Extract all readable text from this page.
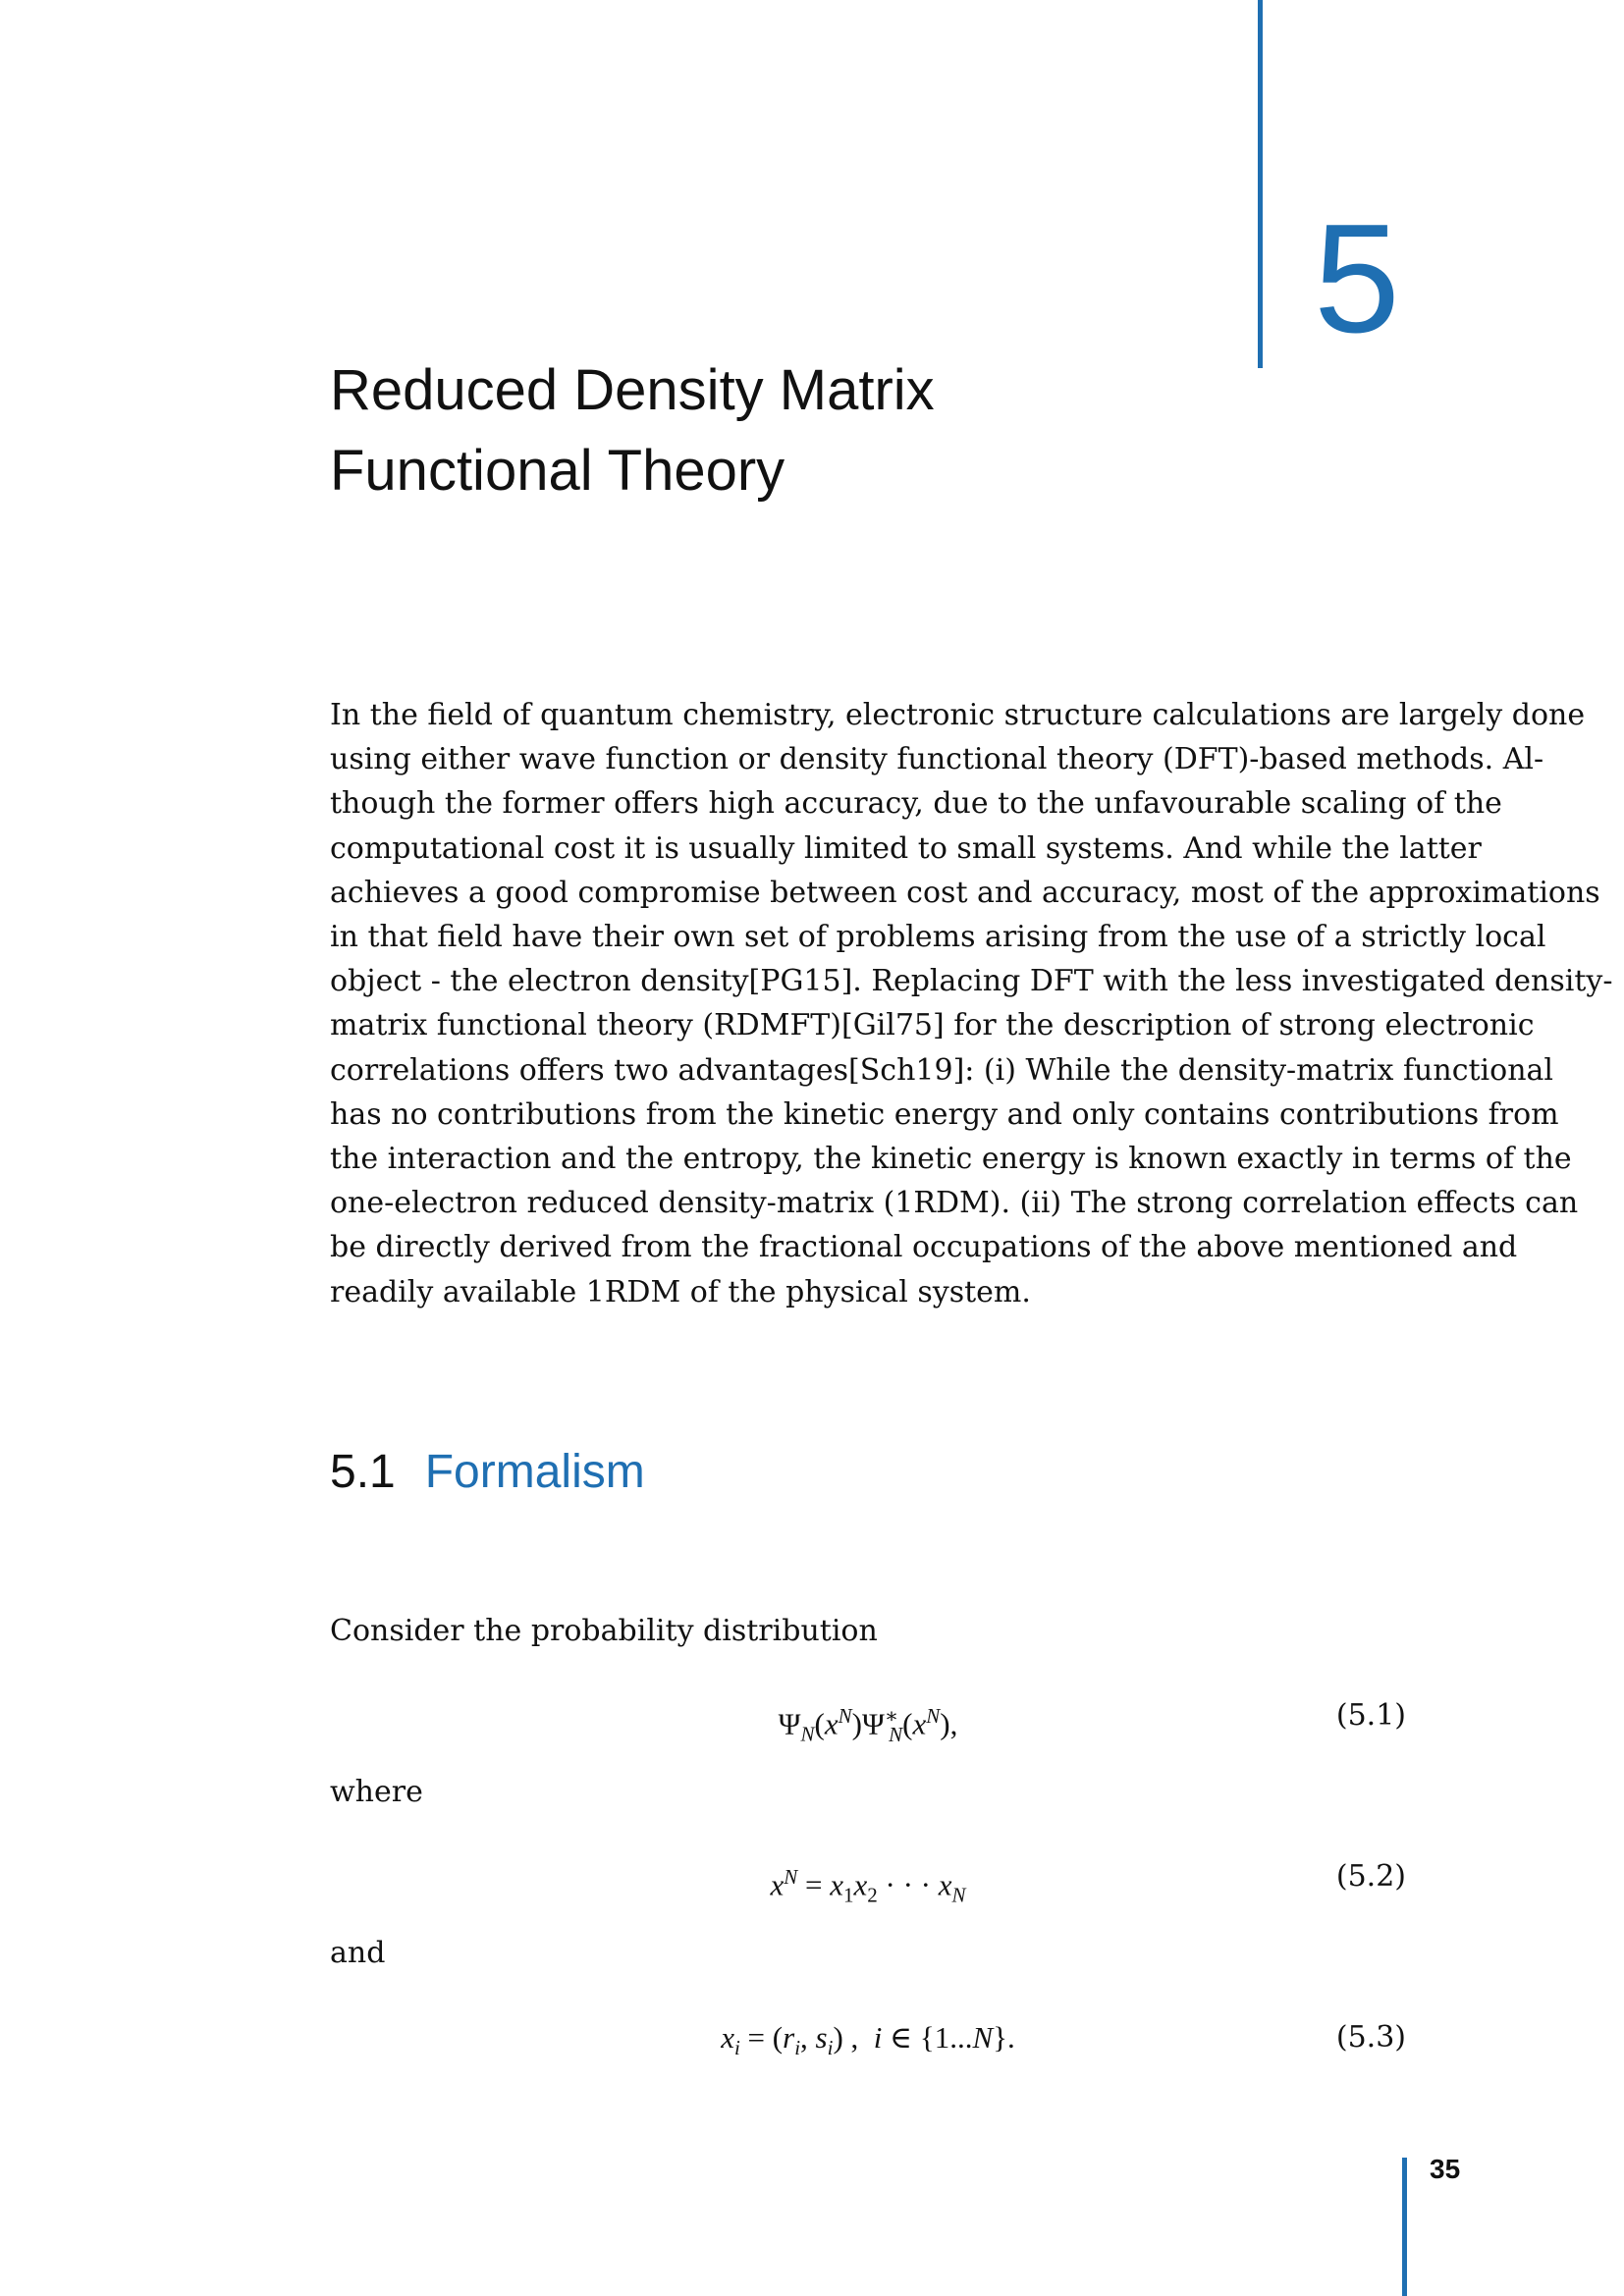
5
Reduced Density Matrix
Functional Theory

In the field of quantum chemistry, electronic structure calculations are largely done
using either wave function or density functional theory (DFT)-based methods. Al-
though the former offers high accuracy, due to the unfavourable scaling of the
computational cost it is usually limited to small systems. And while the latter
achieves a good compromise between cost and accuracy, most of the approximations
in that field have their own set of problems arising from the use of a strictly local
object - the electron density[PG15]. Replacing DFT with the less investigated density-
matrix functional theory (RDMFT)[Gil75] for the description of strong electronic
correlations offers two advantages[Sch19]: (i) While the density-matrix functional
has no contributions from the kinetic energy and only contains contributions from
the interaction and the entropy, the kinetic energy is known exactly in terms of the
one-electron reduced density-matrix (1RDM). (ii) The strong correlation effects can
be directly derived from the fractional occupations of the above mentioned and
readily available 1RDM of the physical system.

5.1 Formalism

Consider the probability distribution

$\Psi_N(x^N)\Psi^∗_N(x^N)$,	(5.1)

where

$x^N = x_1x_2$ · · · $x_N$
(5.2)

and

$x_i = (r_i$, $s_i$) ,  i ∈ {1...N}.	(5.3)
35
